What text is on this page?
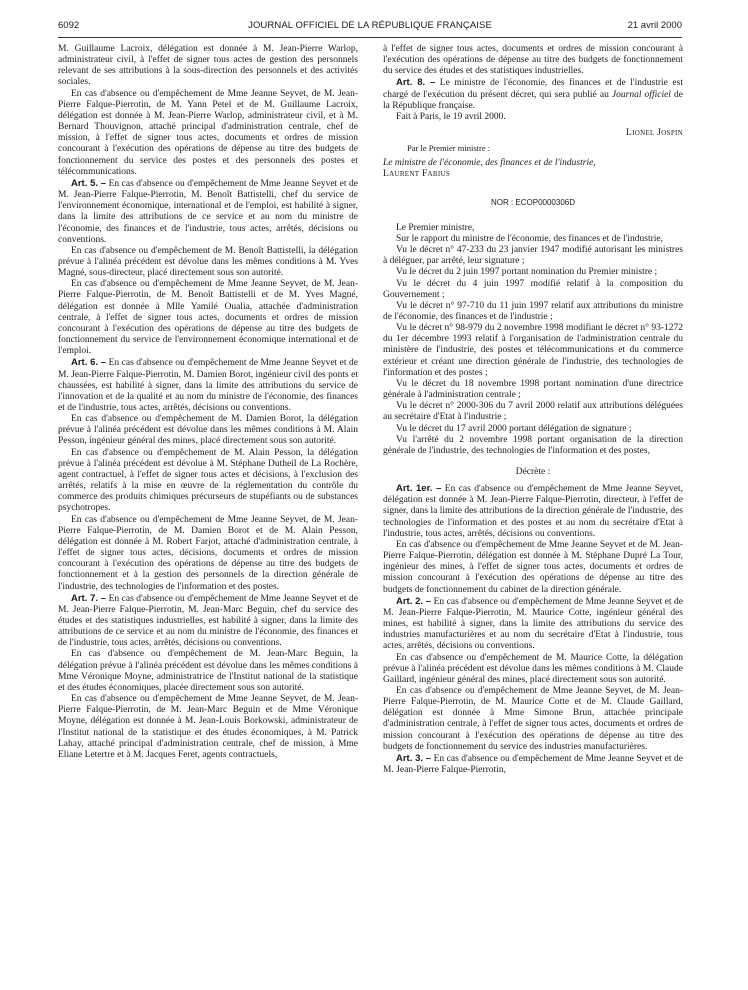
6092	JOURNAL OFFICIEL DE LA RÉPUBLIQUE FRANÇAISE	21 avril 2000

M. Guillaume Lacroix, délégation est donnée à M. Jean-Pierre Warlop, administrateur civil, à l'effet de signer tous actes de gestion des personnels relevant de ses attributions à la sous-direction des personnels et des activités sociales.

En cas d'absence ou d'empêchement de Mme Jeanne Seyvet, de M. Jean-Pierre Falque-Pierrotin, de M. Yann Petel et de M. Guillaume Lacroix, délégation est donnée à M. Jean-Pierre Warlop, administrateur civil, et à M. Bernard Thouvignon, attaché principal d'administration centrale, chef de mission, à l'effet de signer tous actes, documents et ordres de mission concourant à l'exécution des opérations de dépense au titre des budgets de fonctionnement du service des postes et des personnels des postes et télécommunications.

Art. 5. – En cas d'absence ou d'empêchement de Mme Jeanne Seyvet et de M. Jean-Pierre Falque-Pierrotin, M. Benoît Battistelli, chef du service de l'environnement économique, international et de l'emploi, est habilité à signer, dans la limite des attributions de ce service et au nom du ministre de l'économie, des finances et de l'industrie, tous actes, arrêtés, décisions ou conventions.

En cas d'absence ou d'empêchement de M. Benoît Battistelli, la délégation prévue à l'alinéa précédent est dévolue dans les mêmes conditions à M. Yves Magné, sous-directeur, placé directement sous son autorité.

En cas d'absence ou d'empêchement de Mme Jeanne Seyvet, de M. Jean-Pierre Falque-Pierrotin, de M. Benoît Battistelli et de M. Yves Magné, délégation est donnée à Mlle Yamilé Oualia, attachée d'administration centrale, à l'effet de signer tous actes, documents et ordres de mission concourant à l'exécution des opérations de dépense au titre des budgets de fonctionnement du service de l'environnement économique international et de l'emploi.

Art. 6. – En cas d'absence ou d'empêchement de Mme Jeanne Seyvet et de M. Jean-Pierre Falque-Pierrotin, M. Damien Borot, ingénieur civil des ponts et chaussées, est habilité à signer, dans la limite des attributions du service de l'innovation et de la qualité et au nom du ministre de l'économie, des finances et de l'industrie, tous actes, arrêtés, décisions ou conventions.

En cas d'absence ou d'empêchement de M. Damien Borot, la délégation prévue à l'alinéa précédent est dévolue dans les mêmes conditions à M. Alain Pesson, ingénieur général des mines, placé directement sous son autorité.

En cas d'absence ou d'empêchement de M. Alain Pesson, la délégation prévue à l'alinéa précédent est dévolue à M. Stéphane Dutheil de La Rochère, agent contractuel, à l'effet de signer tous actes et décisions, à l'exclusion des arrêtés, relatifs à la mise en œuvre de la réglementation du contrôle du commerce des produits chimiques précurseurs de stupéfiants ou de substances psychotropes.

En cas d'absence ou d'empêchement de Mme Jeanne Seyvet, de M. Jean-Pierre Falque-Pierrotin, de M. Damien Borot et de M. Alain Pesson, délégation est donnée à M. Robert Farjot, attaché d'administration centrale, à l'effet de signer tous actes, décisions, documents et ordres de mission concourant à l'exécution des opérations de dépense au titre des budgets de fonctionnement et à la gestion des personnels de la direction générale de l'industrie, des technologies de l'information et des postes.

Art. 7. – En cas d'absence ou d'empêchement de Mme Jeanne Seyvet et de M. Jean-Pierre Falque-Pierrotin, M. Jean-Marc Beguin, chef du service des études et des statistiques industrielles, est habilité à signer, dans la limite des attributions de ce service et au nom du ministre de l'économie, des finances et de l'industrie, tous actes, arrêtés, décisions ou conventions.

En cas d'absence ou d'empêchement de M. Jean-Marc Beguin, la délégation prévue à l'alinéa précédent est dévolue dans les mêmes conditions à Mme Véronique Moyne, administratrice de l'Institut national de la statistique et des études économiques, placée directement sous son autorité.

En cas d'absence ou d'empêchement de Mme Jeanne Seyvet, de M. Jean-Pierre Falque-Pierrotin, de M. Jean-Marc Beguin et de Mme Véronique Moyne, délégation est donnée à M. Jean-Louis Borkowski, administrateur de l'Institut national de la statistique et des études économiques, à M. Patrick Lahay, attaché principal d'administration centrale, chef de mission, à Mme Eliane Letertre et à M. Jacques Feret, agents contractuels,

à l'effet de signer tous actes, documents et ordres de mission concourant à l'exécution des opérations de dépense au titre des budgets de fonctionnement du service des études et des statistiques industrielles.

Art. 8. – Le ministre de l'économie, des finances et de l'industrie est chargé de l'exécution du présent décret, qui sera publié au Journal officiel de la République française.

Fait à Paris, le 19 avril 2000.

Lionel Jospin

Par le Premier ministre :

Le ministre de l'économie, des finances et de l'industrie,

Laurent Fabius

NOR : ECOP0000306D

Le Premier ministre,

Sur le rapport du ministre de l'économie, des finances et de l'industrie,

Vu le décret n° 47-233 du 23 janvier 1947 modifié autorisant les ministres à déléguer, par arrêté, leur signature ;

Vu le décret du 2 juin 1997 portant nomination du Premier ministre ;

Vu le décret du 4 juin 1997 modifié relatif à la composition du Gouvernement ;

Vu le décret n° 97-710 du 11 juin 1997 relatif aux attributions du ministre de l'économie, des finances et de l'industrie ;

Vu le décret n° 98-979 du 2 novembre 1998 modifiant le décret n° 93-1272 du 1er décembre 1993 relatif à l'organisation de l'administration centrale du ministère de l'industrie, des postes et télécommunications et du commerce extérieur et créant une direction générale de l'industrie, des technologies de l'information et des postes ;

Vu le décret du 18 novembre 1998 portant nomination d'une directrice générale à l'administration centrale ;

Vu le décret n° 2000-306 du 7 avril 2000 relatif aux attributions déléguées au secrétaire d'Etat à l'industrie ;

Vu le décret du 17 avril 2000 portant délégation de signature ;

Vu l'arrêté du 2 novembre 1998 portant organisation de la direction générale de l'industrie, des technologies de l'information et des postes,

Décrète :

Art. 1er. – En cas d'absence ou d'empêchement de Mme Jeanne Seyvet, délégation est donnée à M. Jean-Pierre Falque-Pierrotin, directeur, à l'effet de signer, dans la limite des attributions de la direction générale de l'industrie, des technologies de l'information et des postes et au nom du secrétaire d'Etat à l'industrie, tous actes, arrêtés, décisions ou conventions.

En cas d'absence ou d'empêchement de Mme Jeanne Seyvet et de M. Jean-Pierre Falque-Pierrotin, délégation est donnée à M. Stéphane Dupré La Tour, ingénieur des mines, à l'effet de signer tous actes, documents et ordres de mission concourant à l'exécution des opérations de dépense au titre des budgets de fonctionnement du cabinet de la direction générale.

Art. 2. – En cas d'absence ou d'empêchement de Mme Jeanne Seyvet et de M. Jean-Pierre Falque-Pierrotin, M. Maurice Cotte, ingénieur général des mines, est habilité à signer, dans la limite des attributions du service des industries manufacturières et au nom du secrétaire d'Etat à l'industrie, tous actes, arrêtés, décisions ou conventions.

En cas d'absence ou d'empêchement de M. Maurice Cotte, la délégation prévue à l'alinéa précédent est dévolue dans les mêmes conditions à M. Claude Gaillard, ingénieur général des mines, placé directement sous son autorité.

En cas d'absence ou d'empêchement de Mme Jeanne Seyvet, de M. Jean-Pierre Falque-Pierrotin, de M. Maurice Cotte et de M. Claude Gaillard, délégation est donnée à Mme Simone Brun, attachée principale d'administration centrale, à l'effet de signer tous actes, documents et ordres de mission concourant à l'exécution des opérations de dépense au titre des budgets de fonctionnement du service des industries manufacturières.

Art. 3. – En cas d'absence ou d'empêchement de Mme Jeanne Seyvet et de M. Jean-Pierre Falque-Pierrotin,
